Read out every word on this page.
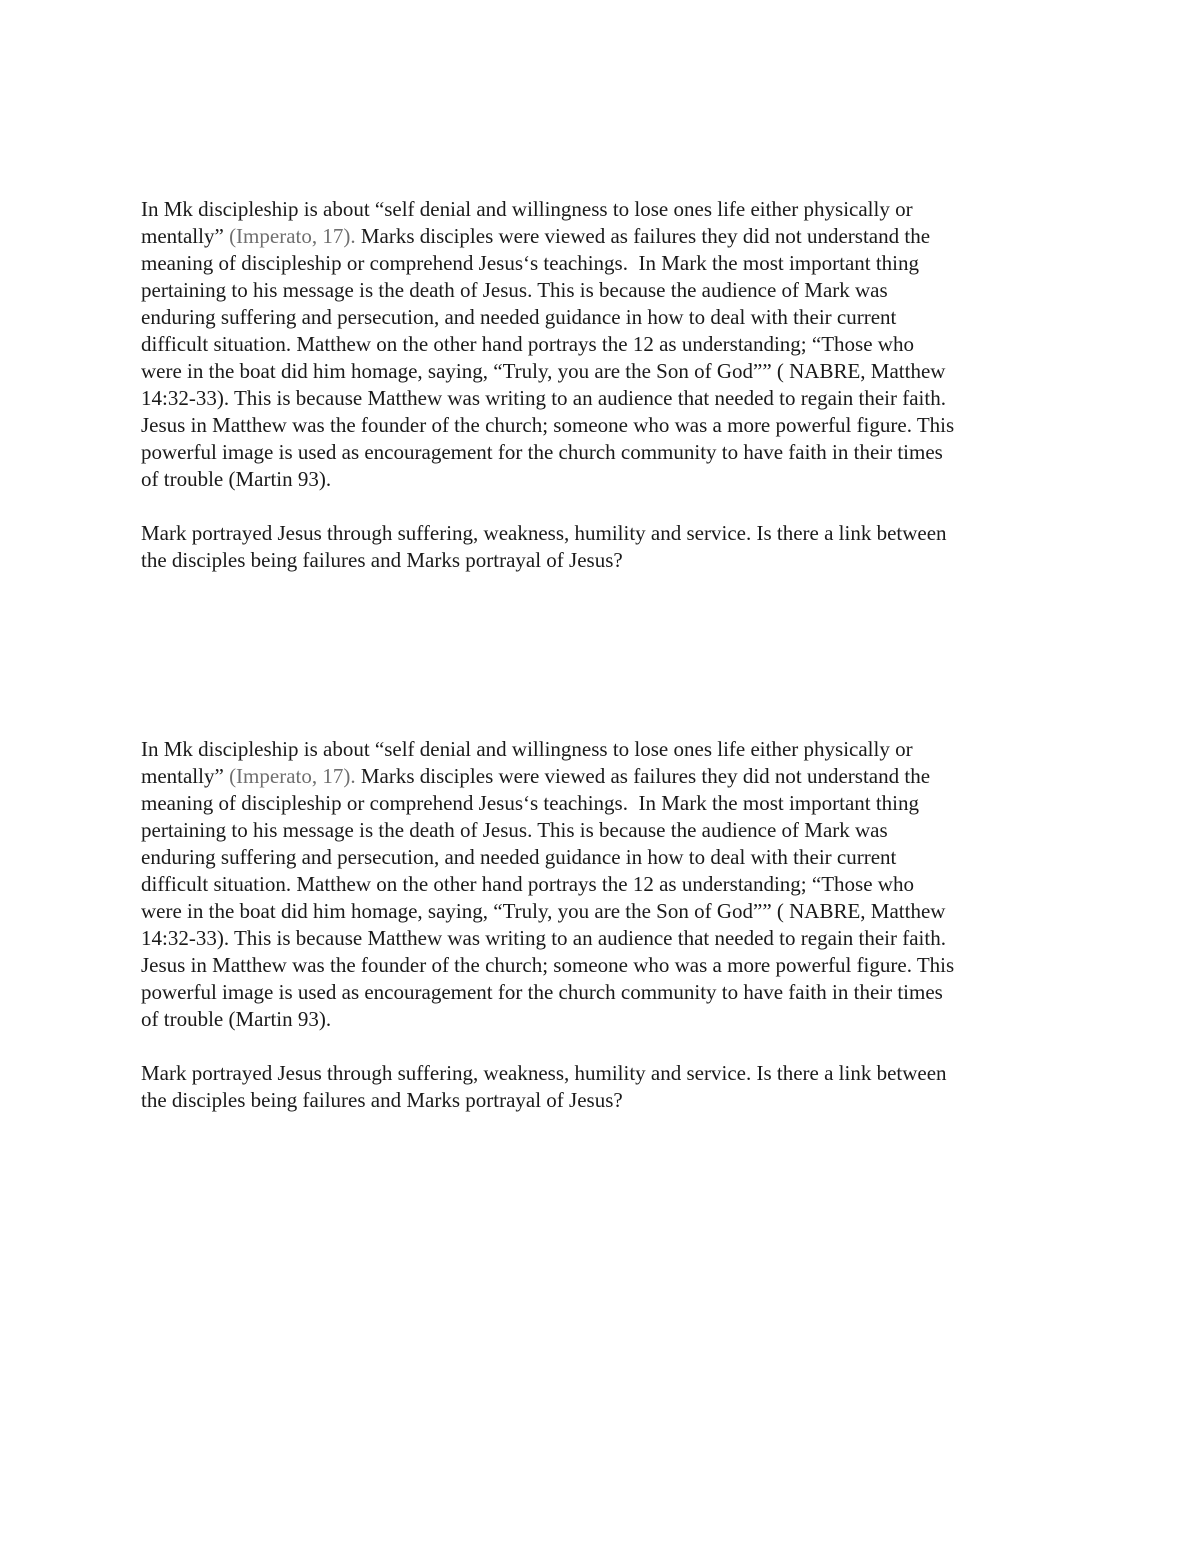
In Mk discipleship is about “self denial and willingness to lose ones life either physically or
mentally” (Imperato, 17). Marks disciples were viewed as failures they did not understand the
meaning of discipleship or comprehend Jesus‘s teachings.  In Mark the most important thing
pertaining to his message is the death of Jesus. This is because the audience of Mark was
enduring suffering and persecution, and needed guidance in how to deal with their current
difficult situation. Matthew on the other hand portrays the 12 as understanding; “Those who
were in the boat did him homage, saying, “Truly, you are the Son of God”” ( NABRE, Matthew
14:32-33). This is because Matthew was writing to an audience that needed to regain their faith.
Jesus in Matthew was the founder of the church; someone who was a more powerful figure. This
powerful image is used as encouragement for the church community to have faith in their times
of trouble (Martin 93).
Mark portrayed Jesus through suffering, weakness, humility and service. Is there a link between
the disciples being failures and Marks portrayal of Jesus?
In Mk discipleship is about “self denial and willingness to lose ones life either physically or
mentally” (Imperato, 17). Marks disciples were viewed as failures they did not understand the
meaning of discipleship or comprehend Jesus‘s teachings.  In Mark the most important thing
pertaining to his message is the death of Jesus. This is because the audience of Mark was
enduring suffering and persecution, and needed guidance in how to deal with their current
difficult situation. Matthew on the other hand portrays the 12 as understanding; “Those who
were in the boat did him homage, saying, “Truly, you are the Son of God”” ( NABRE, Matthew
14:32-33). This is because Matthew was writing to an audience that needed to regain their faith.
Jesus in Matthew was the founder of the church; someone who was a more powerful figure. This
powerful image is used as encouragement for the church community to have faith in their times
of trouble (Martin 93).
Mark portrayed Jesus through suffering, weakness, humility and service. Is there a link between
the disciples being failures and Marks portrayal of Jesus?
